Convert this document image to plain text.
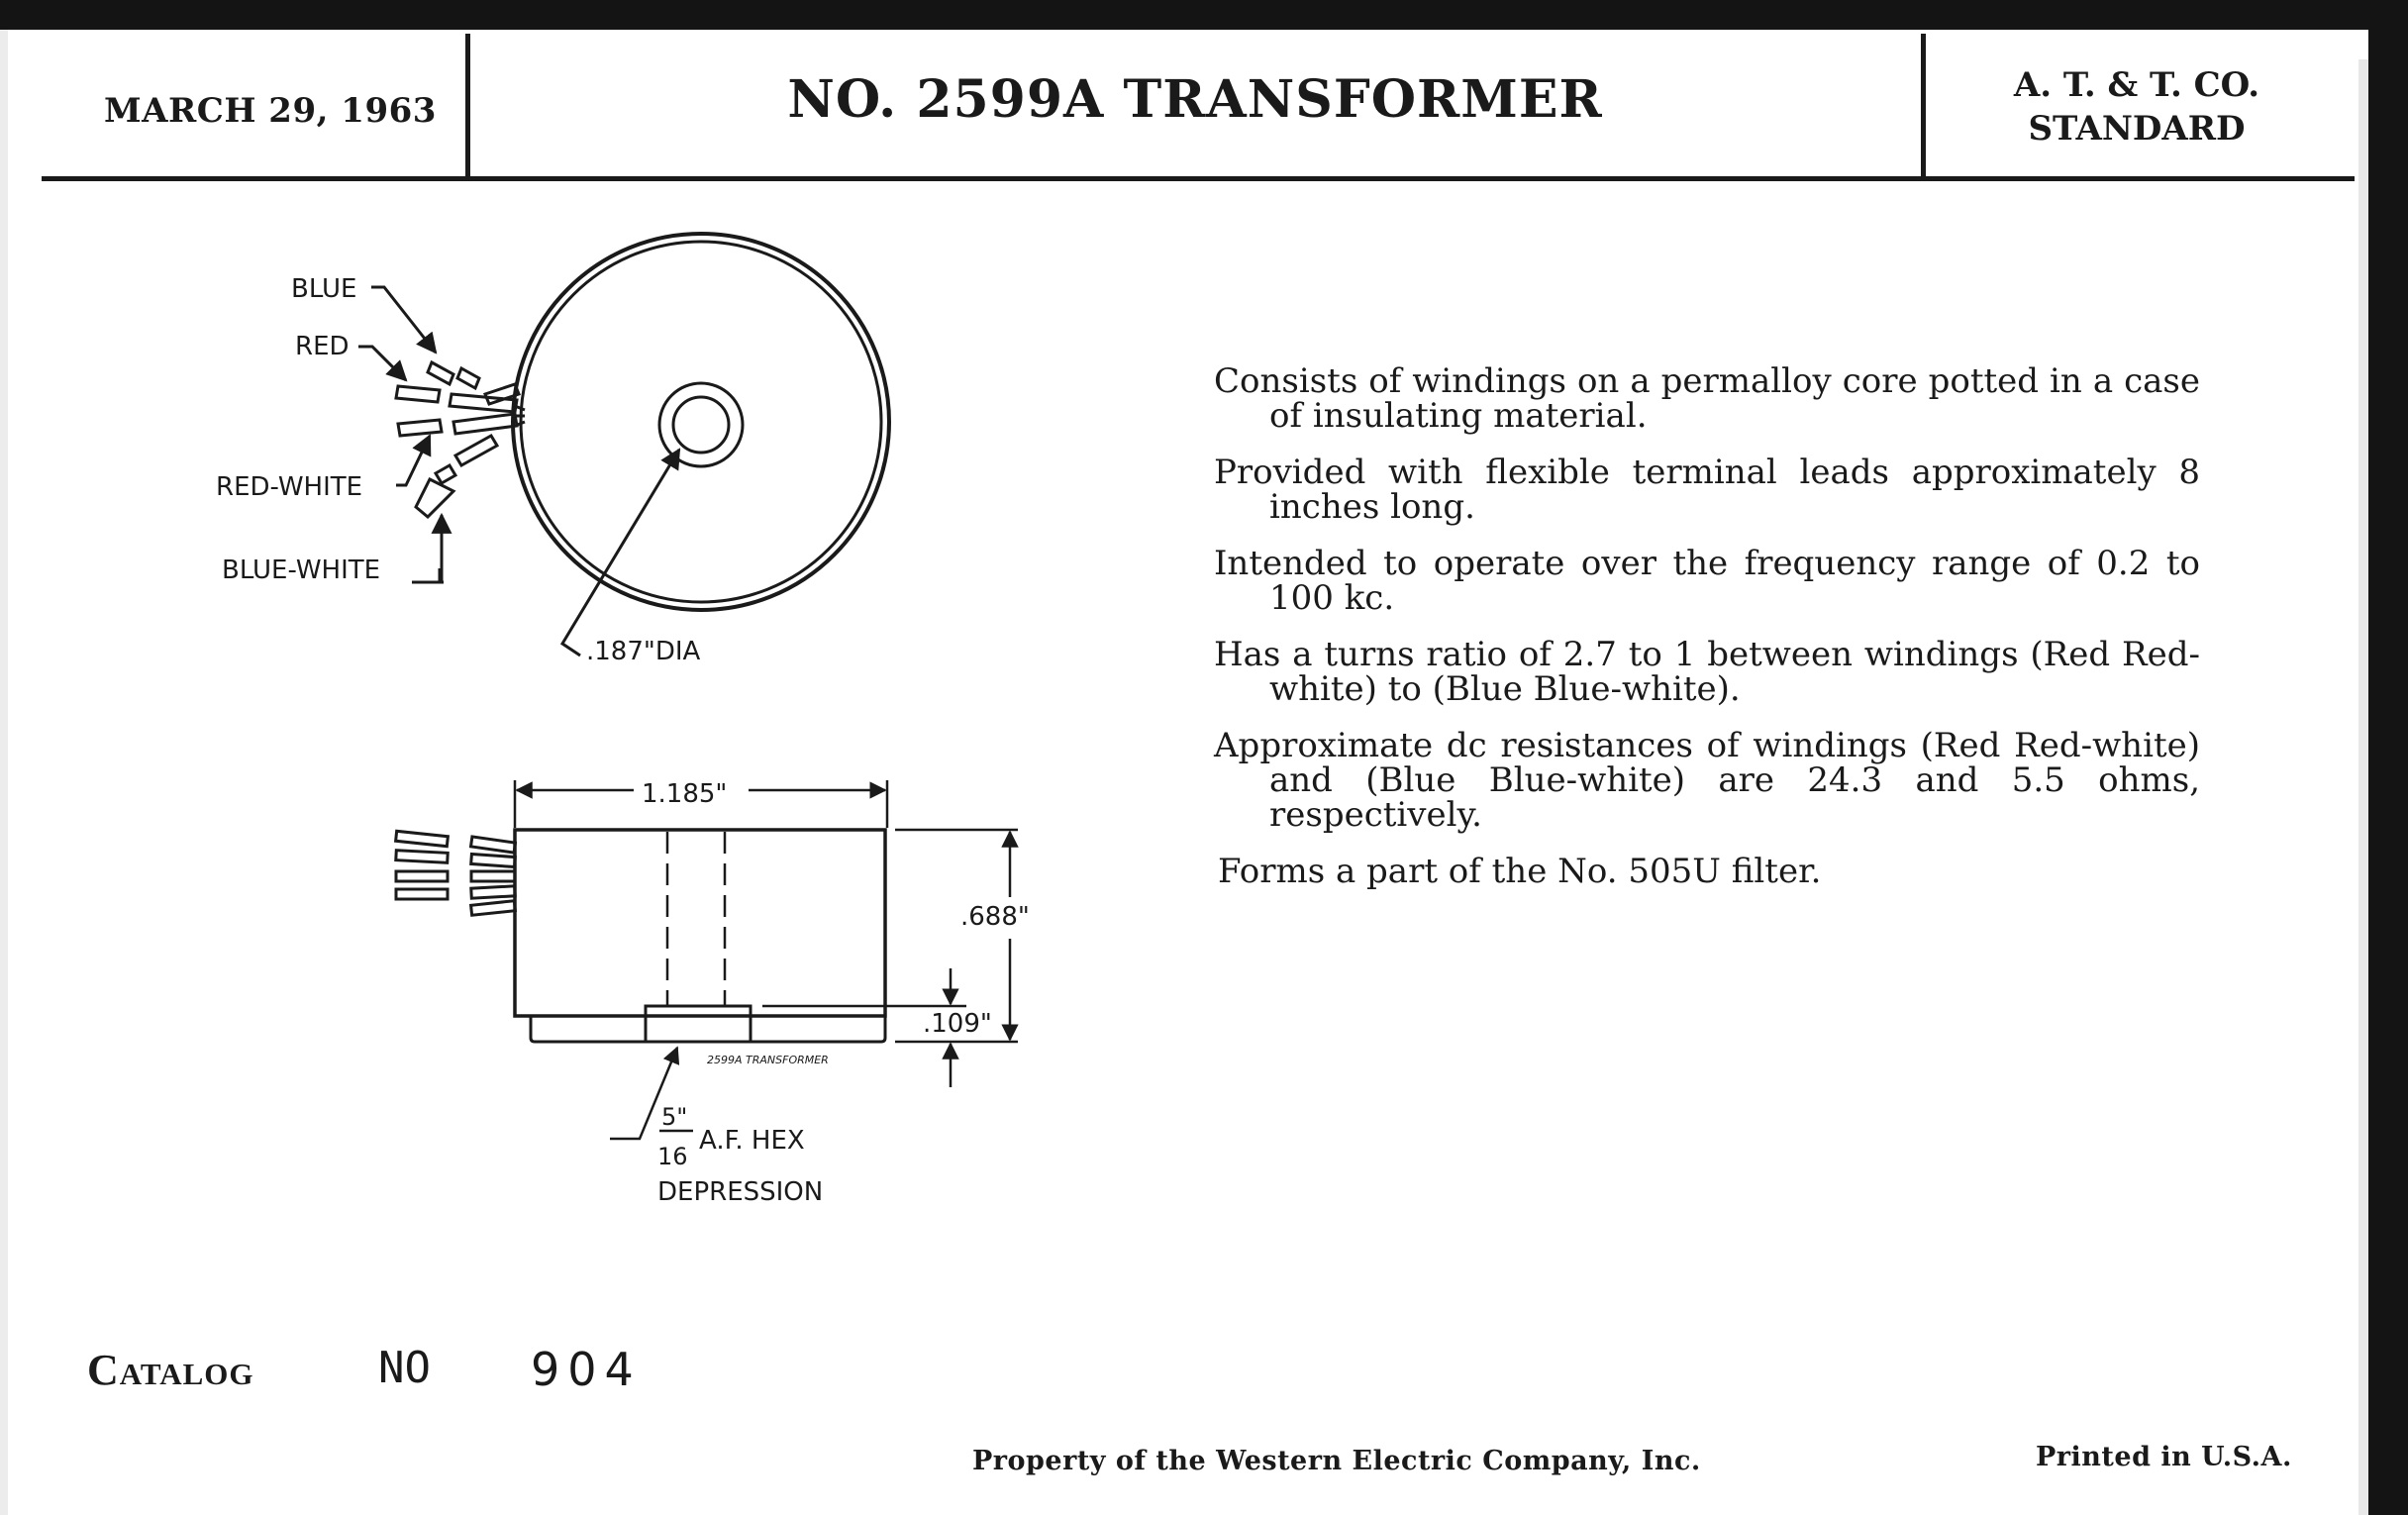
MARCH 29, 1963	NO. 2599A TRANSFORMER	A. T. & T. CO.
STANDARD
BLUE
RED
RED-WHITE
BLUE-WHITE
.187"DIA
1.185"
.688"
.109"
2599A TRANSFORMER
5"
16
A.F. HEX
DEPRESSION

Consists of windings on a permalloy core potted in a case of insulating material.

Provided with flexible terminal leads approximately 8 inches long.

Intended to operate over the frequency range of 0.2 to 100 kc.

Has a turns ratio of 2.7 to 1 between windings (Red Red-white) to (Blue Blue-white).

Approximate dc resistances of windings (Red Red-white) and (Blue Blue-white) are 24.3 and 5.5 ohms, respectively.

Forms a part of the No. 505U filter.

Catalog	NO 904
Property of the Western Electric Company, Inc.	Printed in U.S.A.
